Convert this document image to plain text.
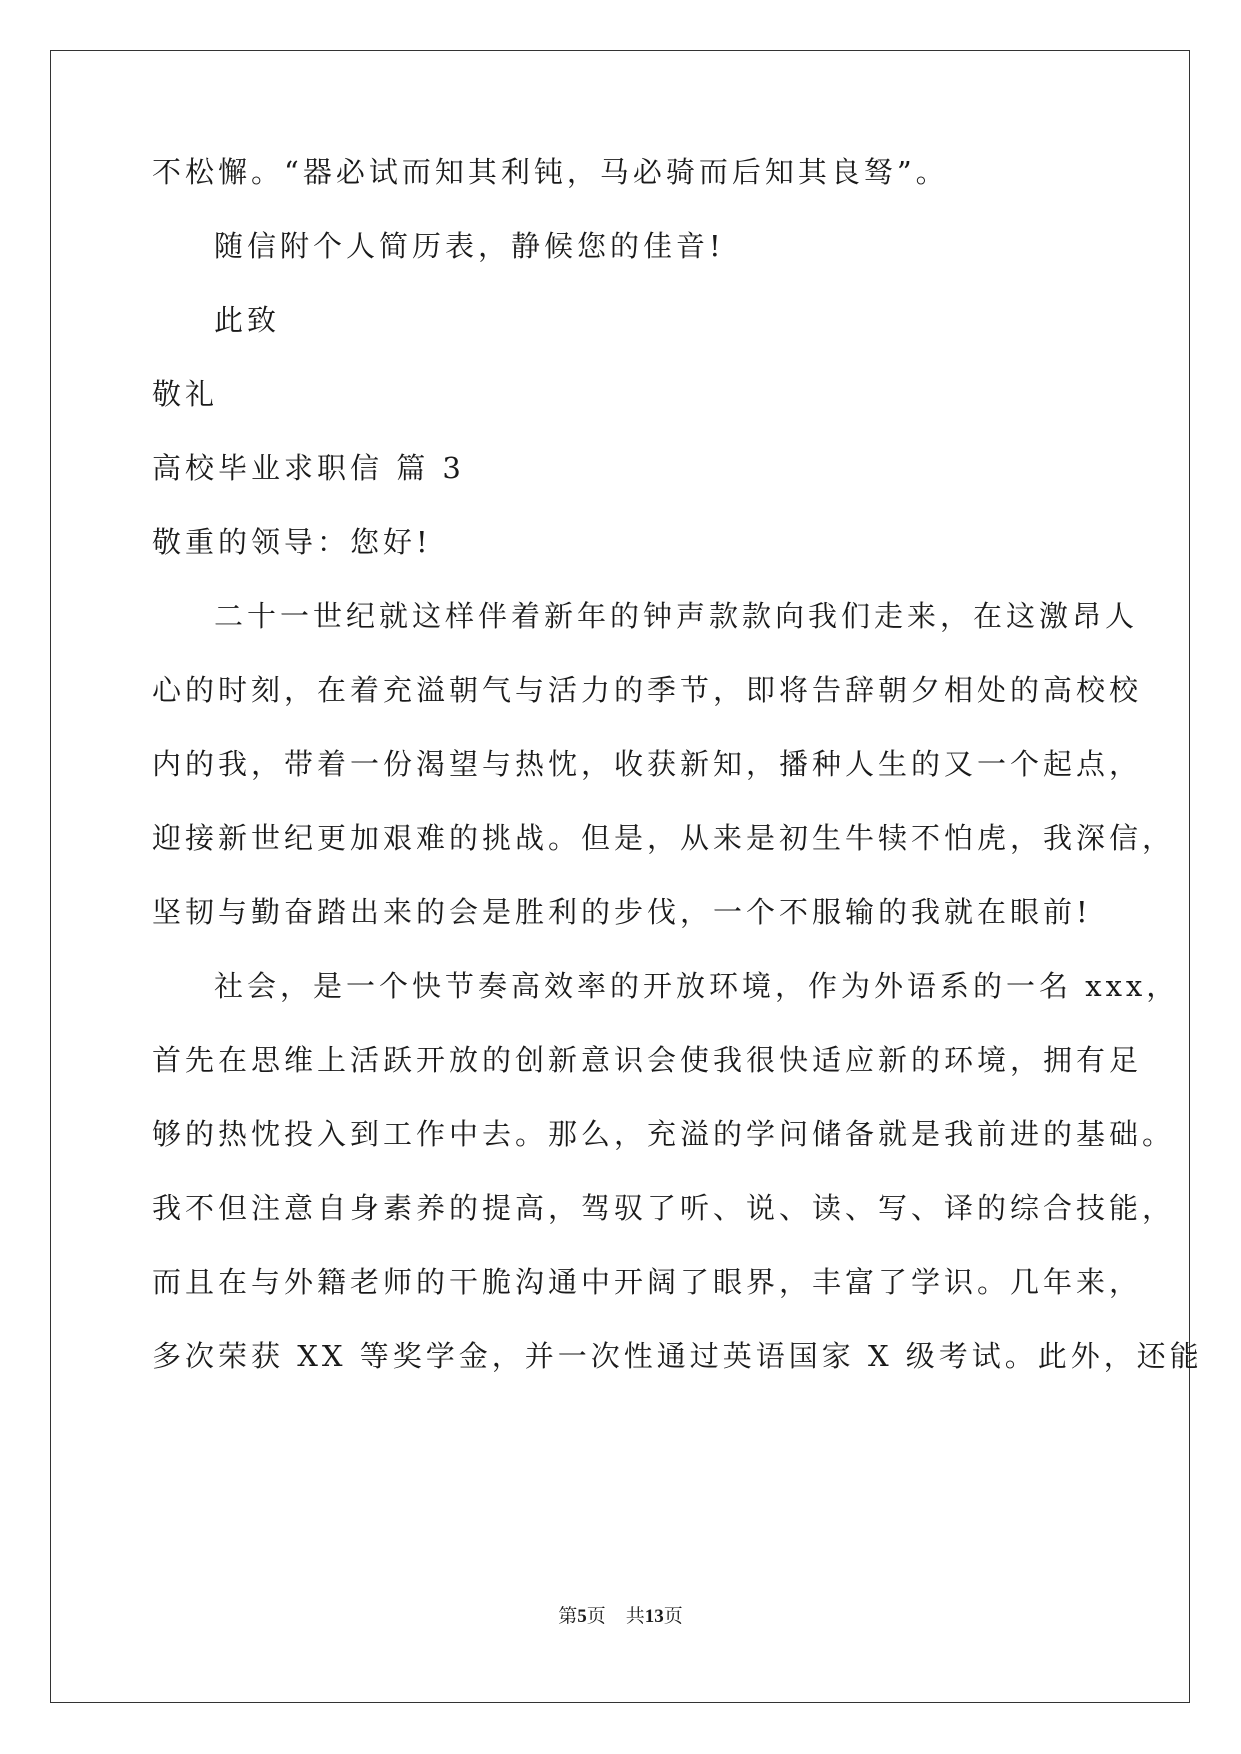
不松懈。“器必试而知其利钝，马必骑而后知其良驽”。
随信附个人简历表，静候您的佳音!
此致
敬礼
高校毕业求职信 篇 3
敬重的领导：您好!
二十一世纪就这样伴着新年的钟声款款向我们走来，在这激昂人
心的时刻，在着充溢朝气与活力的季节，即将告辞朝夕相处的高校校
内的我，带着一份渴望与热忱，收获新知，播种人生的又一个起点，
迎接新世纪更加艰难的挑战。但是，从来是初生牛犊不怕虎，我深信，
坚韧与勤奋踏出来的会是胜利的步伐，一个不服输的我就在眼前!
社会，是一个快节奏高效率的开放环境，作为外语系的一名 xxx，
首先在思维上活跃开放的创新意识会使我很快适应新的环境，拥有足
够的热忱投入到工作中去。那么，充溢的学问储备就是我前进的基础。
我不但注意自身素养的提高，驾驭了听、说、读、写、译的综合技能，
而且在与外籍老师的干脆沟通中开阔了眼界，丰富了学识。几年来，
多次荣获 XX 等奖学金，并一次性通过英语国家 X 级考试。此外，还能
第5页 共13页
